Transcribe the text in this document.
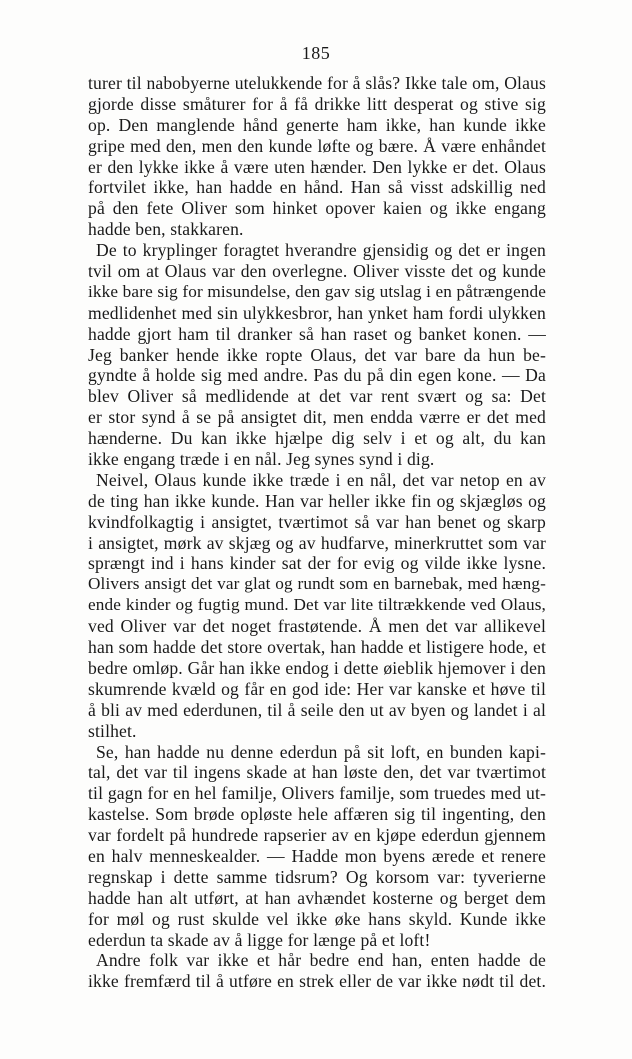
185
turer til nabobyerne utelukkende for å slås? Ikke tale om, Olaus
gjorde disse småturer for å få drikke litt desperat og stive sig
op. Den manglende hånd generte ham ikke, han kunde ikke
gripe med den, men den kunde løfte og bære. Å være enhåndet
er den lykke ikke å være uten hænder. Den lykke er det. Olaus
fortvilet ikke, han hadde en hånd. Han så visst adskillig ned
på den fete Oliver som hinket opover kaien og ikke engang
hadde ben, stakkaren.
De to kryplinger foragtet hverandre gjensidig og det er ingen
tvil om at Olaus var den overlegne. Oliver visste det og kunde
ikke bare sig for misundelse, den gav sig utslag i en påtrængende
medlidenhet med sin ulykkesbror, han ynket ham fordi ulykken
hadde gjort ham til dranker så han raset og banket konen. —
Jeg banker hende ikke ropte Olaus, det var bare da hun be-
gyndte å holde sig med andre. Pas du på din egen kone. — Da
blev Oliver så medlidende at det var rent svært og sa: Det
er stor synd å se på ansigtet dit, men endda værre er det med
hænderne. Du kan ikke hjælpe dig selv i et og alt, du kan
ikke engang træde i en nål. Jeg synes synd i dig.
Neivel, Olaus kunde ikke træde i en nål, det var netop en av
de ting han ikke kunde. Han var heller ikke fin og skjægløs og
kvindfolkagtig i ansigtet, tværtimot så var han benet og skarp
i ansigtet, mørk av skjæg og av hudfarve, minerkruttet som var
sprængt ind i hans kinder sat der for evig og vilde ikke lysne.
Olivers ansigt det var glat og rundt som en barnebak, med hæng-
ende kinder og fugtig mund. Det var lite tiltrækkende ved Olaus,
ved Oliver var det noget frastøtende. Å men det var allikevel
han som hadde det store overtak, han hadde et listigere hode, et
bedre omløp. Går han ikke endog i dette øieblik hjemover i den
skumrende kvæld og får en god ide: Her var kanske et høve til
å bli av med ederdunen, til å seile den ut av byen og landet i al
stilhet.
Se, han hadde nu denne ederdun på sit loft, en bunden kapi-
tal, det var til ingens skade at han løste den, det var tværtimot
til gagn for en hel familje, Olivers familje, som truedes med ut-
kastelse. Som brøde opløste hele affæren sig til ingenting, den
var fordelt på hundrede rapserier av en kjøpe ederdun gjennem
en halv menneskealder. — Hadde mon byens ærede et renere
regnskap i dette samme tidsrum? Og korsom var: tyverierne
hadde han alt utført, at han avhændet kosterne og berget dem
for møl og rust skulde vel ikke øke hans skyld. Kunde ikke
ederdun ta skade av å ligge for længe på et loft!
Andre folk var ikke et hår bedre end han, enten hadde de
ikke fremfærd til å utføre en strek eller de var ikke nødt til det.
